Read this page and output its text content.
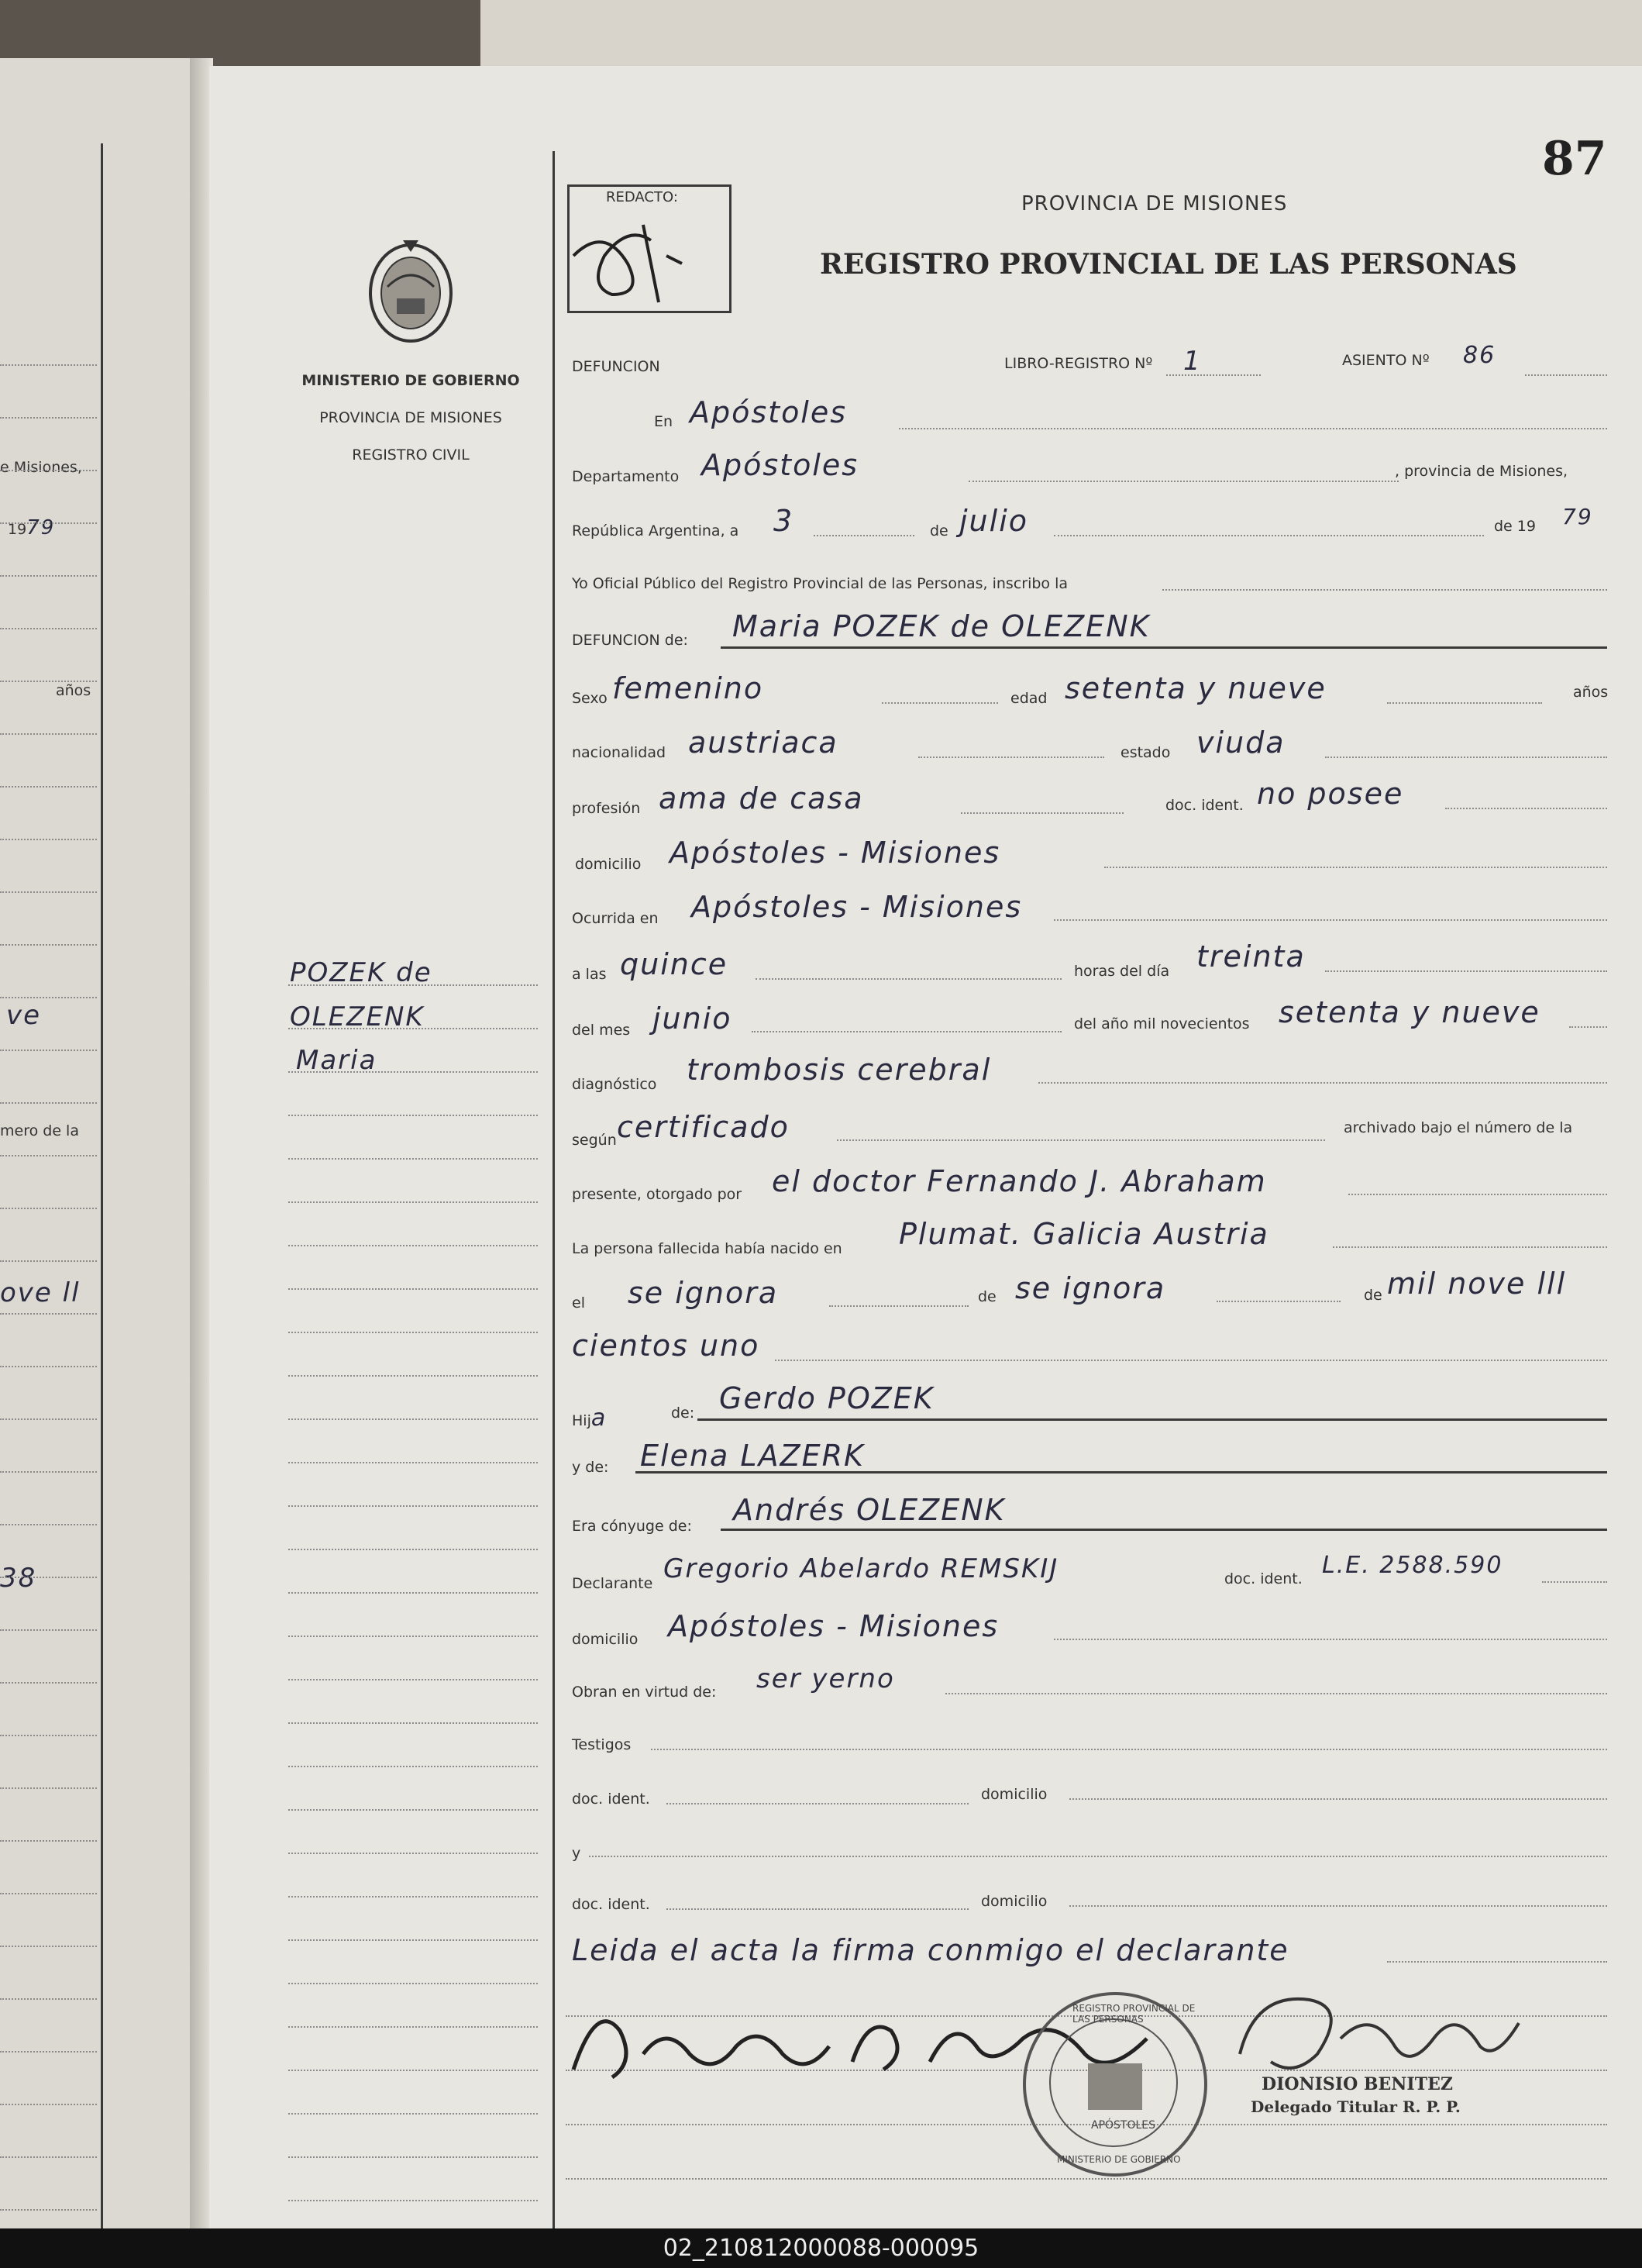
e Misiones,
1979
años
ve
mero de la
ove ll
38
MINISTERIO DE GOBIERNO
PROVINCIA DE MISIONES
REGISTRO CIVIL
87
REDACTO:	PROVINCIA DE MISIONES
REGISTRO PROVINCIAL DE LAS PERSONAS
POZEK de
OLEZENK
Maria
DEFUNCION	LIBRO-REGISTRO Nº 1	ASIENTO Nº 86
En Apóstoles
Departamento Apóstoles	, provincia de Misiones,
República Argentina, a 3	de julio	de 19 79
Yo Oficial Público del Registro Provincial de las Personas, inscribo la
DEFUNCION de: Maria POZEK de OLEZENK
Sexo femenino	edad setenta y nueve	años
nacionalidad austriaca	estado viuda
profesión ama de casa	doc. ident. no posee
domicilio Apóstoles - Misiones
Ocurrida en Apóstoles - Misiones
a las quince	horas del día treinta
del mes junio	del año mil novecientos setenta y nueve
diagnóstico trombosis cerebral
según certificado	archivado bajo el número de la
presente, otorgado por el doctor Fernando J. Abraham
La persona fallecida había nacido en Plumat. Galicia Austria
el se ignora	de se ignora	de mil nove lll
cientos uno
Hija	de: Gerdo POZEK
y de: Elena LAZERK
Era cónyuge de: Andrés OLEZENK
Declarante Gregorio Abelardo REMSKIJ	doc. ident. L.E. 2588.590
domicilio Apóstoles - Misiones
Obran en virtud de: ser yerno
Testigos
doc. ident.	domicilio
y
doc. ident.	domicilio
Leida el acta la firma conmigo el declarante
DIONISIO BENITEZ
Delegado Titular R. P. P.
REGISTRO PROVINCIAL DE LAS PERSONAS
APÓSTOLES
MINISTERIO DE GOBIERNO
02_210812000088-000095
